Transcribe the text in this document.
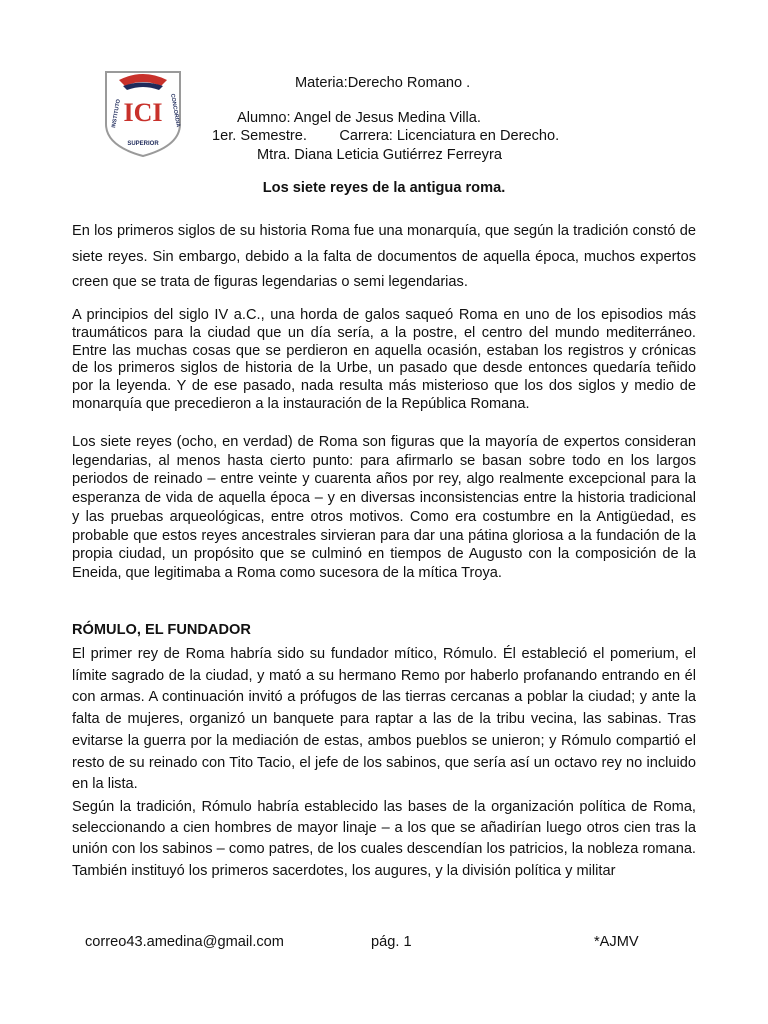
ICI
INSTITUTO	CONCORDIA
SUPERIOR
Materia:Derecho Romano .
Alumno: Angel de Jesus Medina Villa.
1er. Semestre.        Carrera: Licenciatura en Derecho.
Mtra. Diana Leticia Gutiérrez Ferreyra
Los siete reyes de la antigua roma.

En los primeros siglos de su historia Roma fue una monarquía, que según la tradición constó de siete reyes. Sin embargo, debido a la falta de documentos de aquella época, muchos expertos creen que se trata de figuras legendarias o semi legendarias.

A principios del siglo IV a.C., una horda de galos saqueó Roma en uno de los episodios más traumáticos para la ciudad que un día sería, a la postre, el centro del mundo mediterráneo. Entre las muchas cosas que se perdieron en aquella ocasión, estaban los registros y crónicas de los primeros siglos de historia de la Urbe, un pasado que desde entonces quedaría teñido por la leyenda. Y de ese pasado, nada resulta más misterioso que los dos siglos y medio de monarquía que precedieron a la instauración de la República Romana.

Los siete reyes (ocho, en verdad) de Roma son figuras que la mayoría de expertos consideran legendarias, al menos hasta cierto punto: para afirmarlo se basan sobre todo en los largos periodos de reinado – entre veinte y cuarenta años por rey, algo realmente excepcional para la esperanza de vida de aquella época – y en diversas inconsistencias entre la historia tradicional y las pruebas arqueológicas, entre otros motivos. Como era costumbre en la Antigüedad, es probable que estos reyes ancestrales sirvieran para dar una pátina gloriosa a la fundación de la propia ciudad, un propósito que se culminó en tiempos de Augusto con la composición de la Eneida, que legitimaba a Roma como sucesora de la mítica Troya.

RÓMULO, EL FUNDADOR

El primer rey de Roma habría sido su fundador mítico, Rómulo. Él estableció el pomerium, el límite sagrado de la ciudad, y mató a su hermano Remo por haberlo profanando entrando en él con armas. A continuación invitó a prófugos de las tierras cercanas a poblar la ciudad; y ante la falta de mujeres, organizó un banquete para raptar a las de la tribu vecina, las sabinas. Tras evitarse la guerra por la mediación de estas, ambos pueblos se unieron; y Rómulo compartió el resto de su reinado con Tito Tacio, el jefe de los sabinos, que sería así un octavo rey no incluido en la lista.

Según la tradición, Rómulo habría establecido las bases de la organización política de Roma, seleccionando a cien hombres de mayor linaje – a los que se añadirían luego otros cien tras la unión con los sabinos – como patres, de los cuales descendían los patricios, la nobleza romana. También instituyó los primeros sacerdotes, los augures, y la división política y militar

correo43.amedina@gmail.com	pág. 1	*AJMV
